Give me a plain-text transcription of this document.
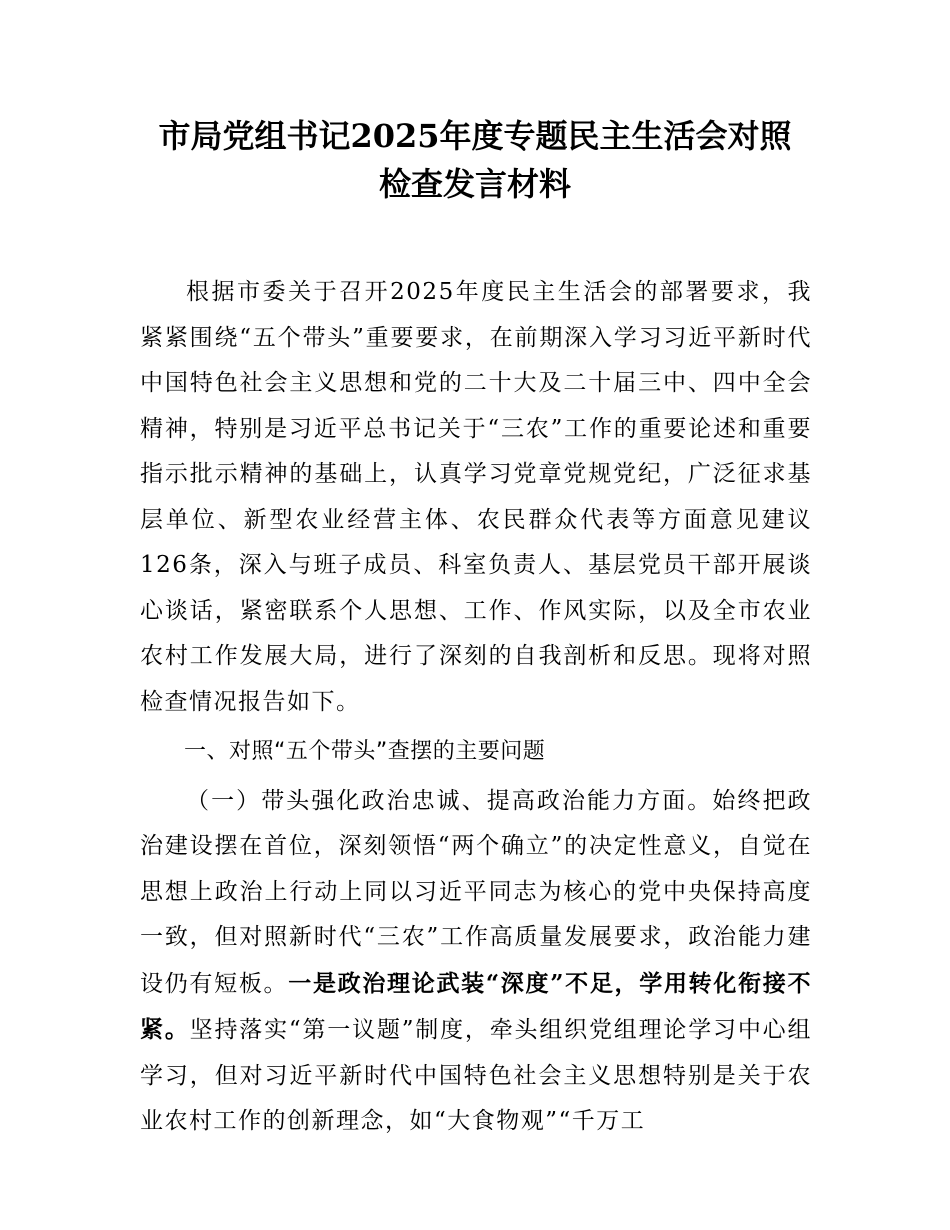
市局党组书记2025年度专题民主生活会对照
检查发言材料

根据市委关于召开2025年度民主生活会的部署要求，我紧紧围绕“五个带头”重要要求，在前期深入学习习近平新时代中国特色社会主义思想和党的二十大及二十届三中、四中全会精神，特别是习近平总书记关于“三农”工作的重要论述和重要指示批示精神的基础上，认真学习党章党规党纪，广泛征求基层单位、新型农业经营主体、农民群众代表等方面意见建议126条，深入与班子成员、科室负责人、基层党员干部开展谈心谈话，紧密联系个人思想、工作、作风实际，以及全市农业农村工作发展大局，进行了深刻的自我剖析和反思。现将对照检查情况报告如下。

一、对照“五个带头”查摆的主要问题

（一）带头强化政治忠诚、提高政治能力方面。始终把政治建设摆在首位，深刻领悟“两个确立”的决定性意义，自觉在思想上政治上行动上同以习近平同志为核心的党中央保持高度一致，但对照新时代“三农”工作高质量发展要求，政治能力建设仍有短板。一是政治理论武装“深度”不足，学用转化衔接不紧。坚持落实“第一议题”制度，牵头组织党组理论学习中心组学习，但对习近平新时代中国特色社会主义思想特别是关于农业农村工作的创新理念，如“大食物观”“千万工
